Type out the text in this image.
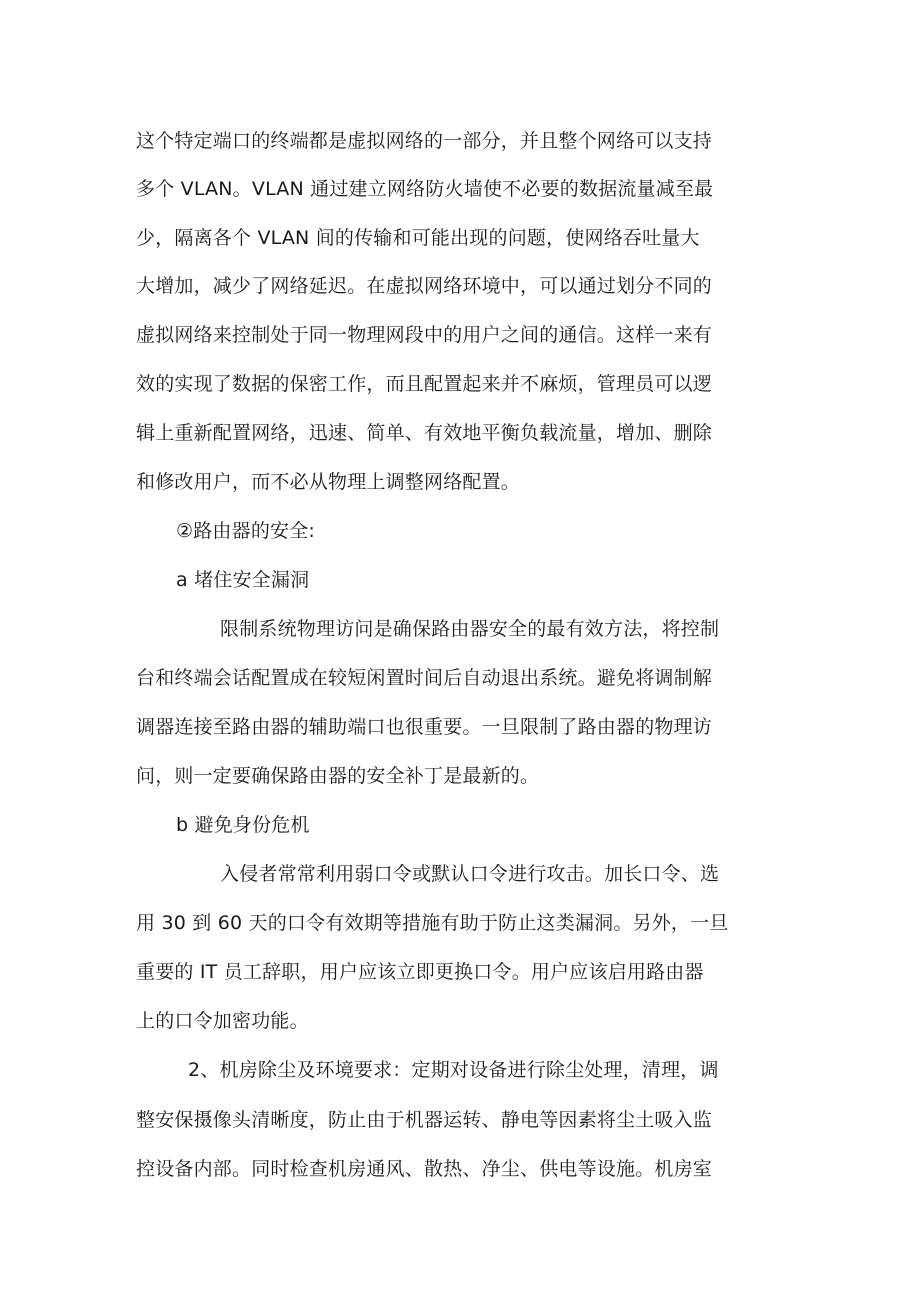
这个特定端口的终端都是虚拟网络的一部分，并且整个网络可以支持
多个 VLAN。VLAN 通过建立网络防火墙使不必要的数据流量减至最
少，隔离各个 VLAN 间的传输和可能出现的问题，使网络吞吐量大
大增加，减少了网络延迟。在虚拟网络环境中，可以通过划分不同的
虚拟网络来控制处于同一物理网段中的用户之间的通信。这样一来有
效的实现了数据的保密工作，而且配置起来并不麻烦，管理员可以逻
辑上重新配置网络，迅速、简单、有效地平衡负载流量，增加、删除
和修改用户，而不必从物理上调整网络配置。
②路由器的安全:
a 堵住安全漏洞
限制系统物理访问是确保路由器安全的最有效方法，将控制
台和终端会话配置成在较短闲置时间后自动退出系统。避免将调制解
调器连接至路由器的辅助端口也很重要。一旦限制了路由器的物理访
问，则一定要确保路由器的安全补丁是最新的。
b 避免身份危机
入侵者常常利用弱口令或默认口令进行攻击。加长口令、选
用 30 到 60 天的口令有效期等措施有助于防止这类漏洞。另外，一旦
重要的 IT 员工辞职，用户应该立即更换口令。用户应该启用路由器
上的口令加密功能。
2、机房除尘及环境要求：定期对设备进行除尘处理，清理，调
整安保摄像头清晰度，防止由于机器运转、静电等因素将尘土吸入监
控设备内部。同时检查机房通风、散热、净尘、供电等设施。机房室
